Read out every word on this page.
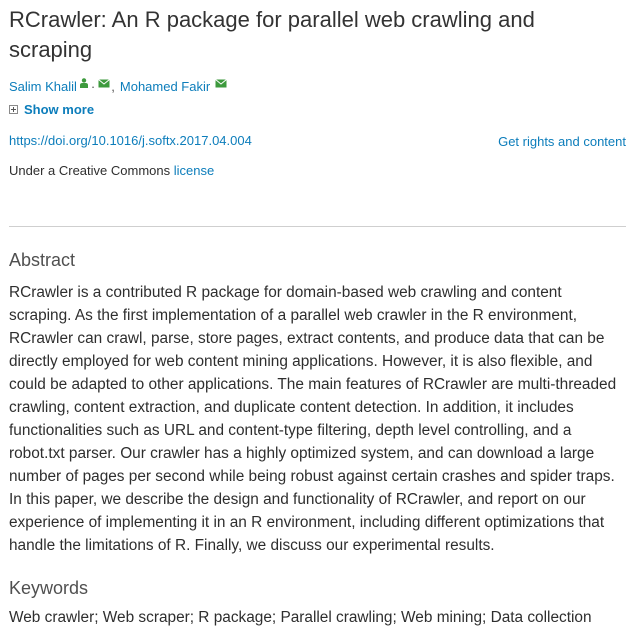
RCrawler: An R package for parallel web crawling and scraping
Salim Khalil · , Mohamed Fakir
Show more
https://doi.org/10.1016/j.softx.2017.04.004	Get rights and content
Under a Creative Commons license
Abstract

RCrawler is a contributed R package for domain-based web crawling and content scraping. As the first implementation of a parallel web crawler in the R environment, RCrawler can crawl, parse, store pages, extract contents, and produce data that can be directly employed for web content mining applications. However, it is also flexible, and could be adapted to other applications. The main features of RCrawler are multi-threaded crawling, content extraction, and duplicate content detection. In addition, it includes functionalities such as URL and content-type filtering, depth level controlling, and a robot.txt parser. Our crawler has a highly optimized system, and can download a large number of pages per second while being robust against certain crashes and spider traps. In this paper, we describe the design and functionality of RCrawler, and report on our experience of implementing it in an R environment, including different optimizations that handle the limitations of R. Finally, we discuss our experimental results.

Keywords
Web crawler; Web scraper; R package; Parallel crawling; Web mining; Data collection
